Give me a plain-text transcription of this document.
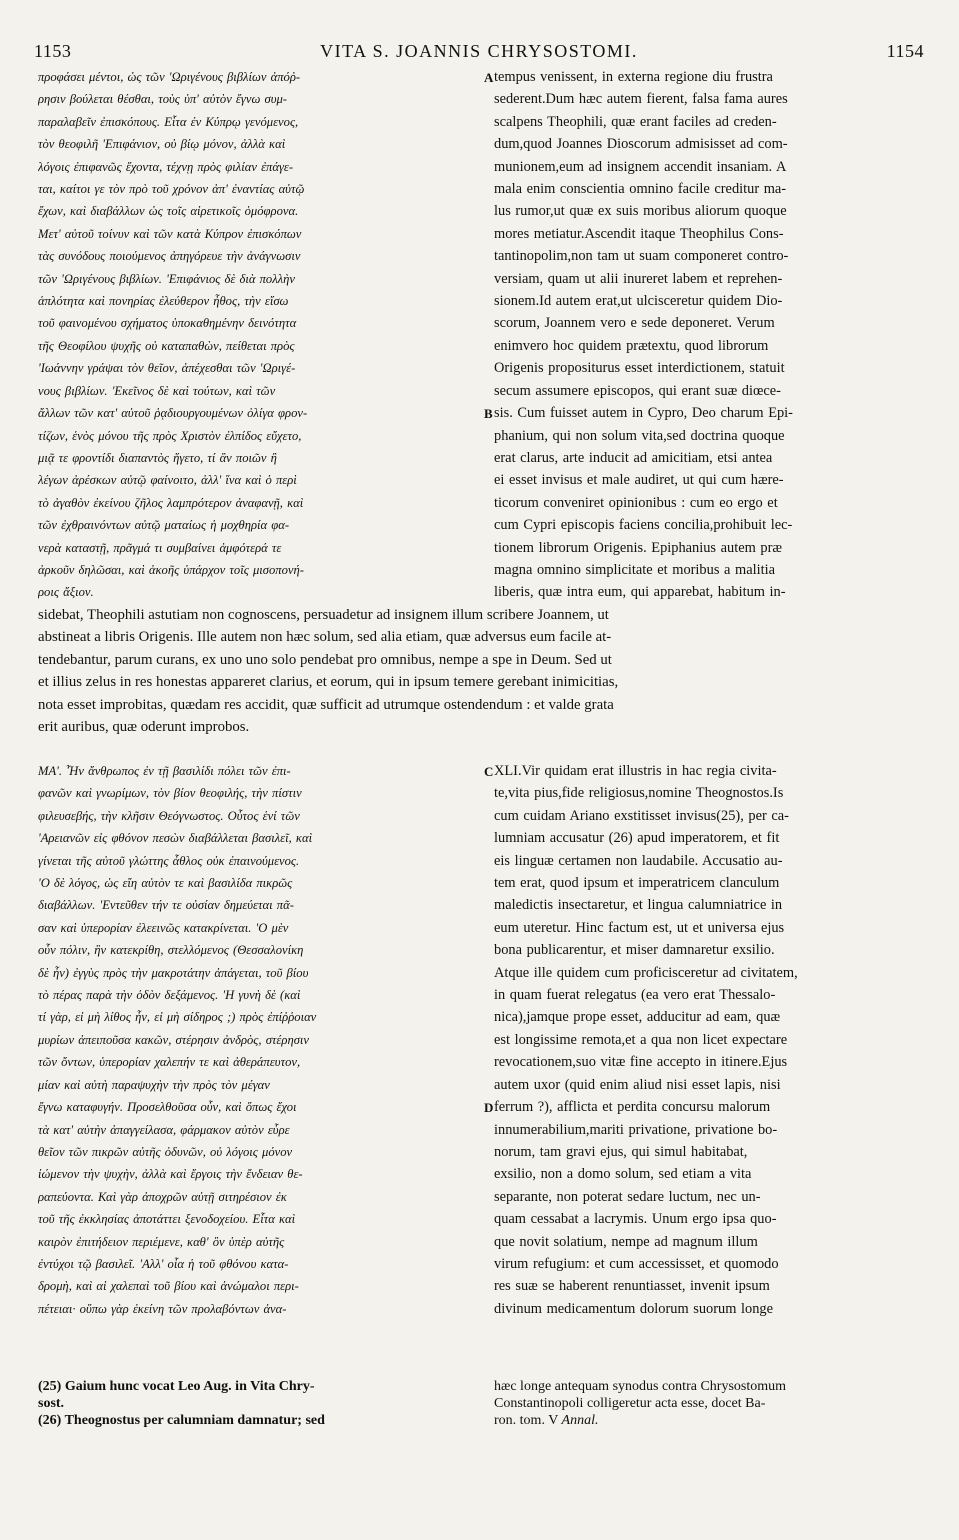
1153	VITA S. JOANNIS CHRYSOSTOMI.	1154
προφάσει μέντοι, ὡς τῶν 'Ωριγένους βιβλίων ἀπόῤ-
ρησιν βούλεται θέσθαι, τοὺς ὑπ' αὐτὸν ἔγνω συμ-
παραλαβεῖν ἐπισκόπους. Εἶτα ἐν Κύπρῳ γενόμενος,
τὸν θεοφιλῆ 'Επιφάνιον, οὐ βίῳ μόνον, ἀλλὰ καὶ
λόγοις ἐπιφανῶς ἔχοντα, τέχνῃ πρὸς φιλίαν ἐπάγε-
ται, καίτοι γε τὸν πρὸ τοῦ χρόνον ἀπ' ἐναντίας αὐτῷ
ἔχων, καὶ διαβάλλων ὡς τοῖς αἱρετικοῖς ὁμόφρονα.
Μετ' αὐτοῦ τοίνυν καὶ τῶν κατὰ Κύπρον ἐπισκόπων
τὰς συνόδους ποιούμενος ἀπηγόρευε τὴν ἀνάγνωσιν
τῶν 'Ωριγένους βιβλίων. 'Επιφάνιος δὲ διὰ πολλὴν
ἁπλότητα καὶ πονηρίας ἐλεύθερον ἦθος, τὴν εἴσω
τοῦ φαινομένου σχήματος ὑποκαθημένην δεινότητα
τῆς Θεοφίλου ψυχῆς οὐ καταπαθὼν, πείθεται πρὸς
'Ιωάννην γράψαι τὸν θεῖον, ἀπέχεσθαι τῶν 'Ωριγέ-
νους βιβλίων. 'Εκεῖνος δὲ καὶ τούτων, καὶ τῶν
ἄλλων τῶν κατ' αὐτοῦ ῥᾳδιουργουμένων ὀλίγα φρον-
τίζων, ἑνὸς μόνου τῆς πρὸς Χριστὸν ἐλπίδος εὔχετο,
μιᾷ τε φροντίδι διαπαντὸς ἥγετο, τί ἂν ποιῶν ἢ
λέγων ἀρέσκων αὐτῷ φαίνοιτο, ἀλλ' ἵνα καὶ ὁ περὶ
τὸ ἀγαθὸν ἐκείνου ζῆλος λαμπρότερον ἀναφανῇ, καὶ
τῶν ἐχθραινόντων αὐτῷ ματαίως ἡ μοχθηρία φα-
νερὰ καταστῇ, πρᾶγμά τι συμβαίνει ἀμφότερά τε
ἀρκοῦν δηλῶσαι, καὶ ἀκοῆς ὑπάρχον τοῖς μισοπονή-
ροις ἄξιον.
tempus venissent, in externa regione diu frustra
sederent.Dum hæc autem fierent, falsa fama aures
scalpens Theophili, quæ erant faciles ad creden-
dum,quod Joannes Dioscorum admisisset ad com-
munionem,eum ad insignem accendit insaniam. A
mala enim conscientia omnino facile creditur ma-
lus rumor,ut quæ ex suis moribus aliorum quoque
mores metiatur.Ascendit itaque Theophilus Cons-
tantinopolim,non tam ut suam componeret contro-
versiam, quam ut alii inureret labem et reprehen-
sionem.Id autem erat,ut ulcisceretur quidem Dio-
scorum, Joannem vero e sede deponeret. Verum
enimvero hoc quidem prætextu, quod librorum
Origenis propositurus esset interdictionem, statuit
secum assumere episcopos, qui erant suæ diœce-
sis. Cum fuisset autem in Cypro, Deo charum Epi-
phanium, qui non solum vita,sed doctrina quoque
erat clarus, arte inducit ad amicitiam, etsi antea
ei esset invisus et male audiret, ut qui cum hære-
ticorum conveniret opinionibus : cum eo ergo et
cum Cypri episcopis faciens concilia,prohibuit lec-
tionem librorum Origenis. Epiphanius autem præ
magna omnino simplicitate et moribus a malitia
liberis, quæ intra eum, qui apparebat, habitum in-
A
B
sidebat, Theophili astutiam non cognoscens, persuadetur ad insignem illum scribere Joannem, ut
abstineat a libris Origenis. Ille autem non hæc solum, sed alia etiam, quæ adversus eum facile at-
tendebantur, parum curans, ex uno uno solo pendebat pro omnibus, nempe a spe in Deum. Sed ut
et illius zelus in res honestas appareret clarius, et eorum, qui in ipsum temere gerebant inimicitias,
nota esset improbitas, quædam res accidit, quæ sufficit ad utrumque ostendendum : et valde grata
erit auribus, quæ oderunt improbos.
ΜΑ'. Ἦν ἄνθρωπος ἐν τῇ βασιλίδι πόλει τῶν ἐπι-
φανῶν καὶ γνωρίμων, τὸν βίον θεοφιλής, τὴν πίστιν
φιλευσεβής, τὴν κλῆσιν Θεόγνωστος. Οὗτος ἑνί τῶν
'Αρειανῶν εἰς φθόνον πεσὼν διαβάλλεται βασιλεῖ, καὶ
γίνεται τῆς αὐτοῦ γλώττης ἆθλος οὐκ ἐπαινούμενος.
'Ο δὲ λόγος, ὡς εἴη αὐτὸν τε καὶ βασιλίδα πικρῶς
διαβάλλων. 'Εντεῦθεν τήν τε οὐσίαν δημεύεται πᾶ-
σαν καὶ ὑπερορίαν ἐλεεινῶς κατακρίνεται. 'Ο μὲν
οὖν πόλιν, ἣν κατεκρίθη, στελλόμενος (Θεσσαλονίκη
δὲ ἦν) ἐγγὺς πρὸς τὴν μακροτάτην ἀπάγεται, τοῦ βίου
τὸ πέρας παρὰ τὴν ὁδὸν δεξάμενος. 'Η γυνὴ δὲ (καὶ
τί γὰρ, εἰ μὴ λίθος ἦν, εἰ μὴ σίδηρος ;) πρὸς ἐπίῤῥοιαν
μυρίων ἀπειποῦσα κακῶν, στέρησιν ἀνδρὸς, στέρησιν
τῶν ὄντων, ὑπερορίαν χαλεπήν τε καὶ ἀθεράπευτον,
μίαν καὶ αὐτὴ παραψυχὴν τὴν πρὸς τὸν μέγαν
ἔγνω καταφυγήν. Προσελθοῦσα οὖν, καὶ ὅπως ἔχοι
τὰ κατ' αὐτὴν ἀπαγγείλασα, φάρμακον αὐτὸν εὗρε
θεῖον τῶν πικρῶν αὐτῆς ὀδυνῶν, οὐ λόγοις μόνον
ἰώμενον τὴν ψυχὴν, ἀλλὰ καὶ ἔργοις τὴν ἔνδειαν θε-
ραπεύοντα. Καὶ γὰρ ἀποχρῶν αὐτῇ σιτηρέσιον ἐκ
τοῦ τῆς ἐκκλησίας ἀποτάττει ξενοδοχείου. Εἶτα καὶ
καιρὸν ἐπιτήδειον περιέμενε, καθ' ὃν ὑπὲρ αὐτῆς
ἐντύχοι τῷ βασιλεῖ. 'Αλλ' οἷα ἡ τοῦ φθόνου κατα-
δρομὴ, καὶ αἱ χαλεπαὶ τοῦ βίου καὶ ἀνώμαλοι περι-
πέτειαι· οὕπω γὰρ ἐκείνη τῶν προλαβόντων ἀνα-
XLI.Vir quidam erat illustris in hac regia civita-
te,vita pius,fide religiosus,nomine Theognostos.Is
cum cuidam Ariano exstitisset invisus(25), per ca-
lumniam accusatur (26) apud imperatorem, et fit
eis linguæ certamen non laudabile. Accusatio au-
tem erat, quod ipsum et imperatricem clanculum
maledictis insectaretur, et lingua calumniatrice in
eum uteretur. Hinc factum est, ut et universa ejus
bona publicarentur, et miser damnaretur exsilio.
Atque ille quidem cum proficisceretur ad civitatem,
in quam fuerat relegatus (ea vero erat Thessalo-
nica),jamque prope esset, adducitur ad eam, quæ
est longissime remota,et a qua non licet expectare
revocationem,suo vitæ fine accepto in itinere.Ejus
autem uxor (quid enim aliud nisi esset lapis, nisi
ferrum ?), afflicta et perdita concursu malorum
innumerabilium,mariti privatione, privatione bo-
norum, tam gravi ejus, qui simul habitabat,
exsilio, non a domo solum, sed etiam a vita
separante, non poterat sedare luctum, nec un-
quam cessabat a lacrymis. Unum ergo ipsa quo-
que novit solatium, nempe ad magnum illum
virum refugium: et cum accessisset, et quomodo
res suæ se haberent renuntiasset, invenit ipsum
divinum medicamentum dolorum suorum longe
C
D
(25) Gaium hunc vocat Leo Aug. in Vita Chry-
sost.
(26) Theognostus per calumniam damnatur; sed
hæc longe antequam synodus contra Chrysostomum
Constantinopoli colligeretur acta esse, docet Ba-
ron. tom. V Annal.
